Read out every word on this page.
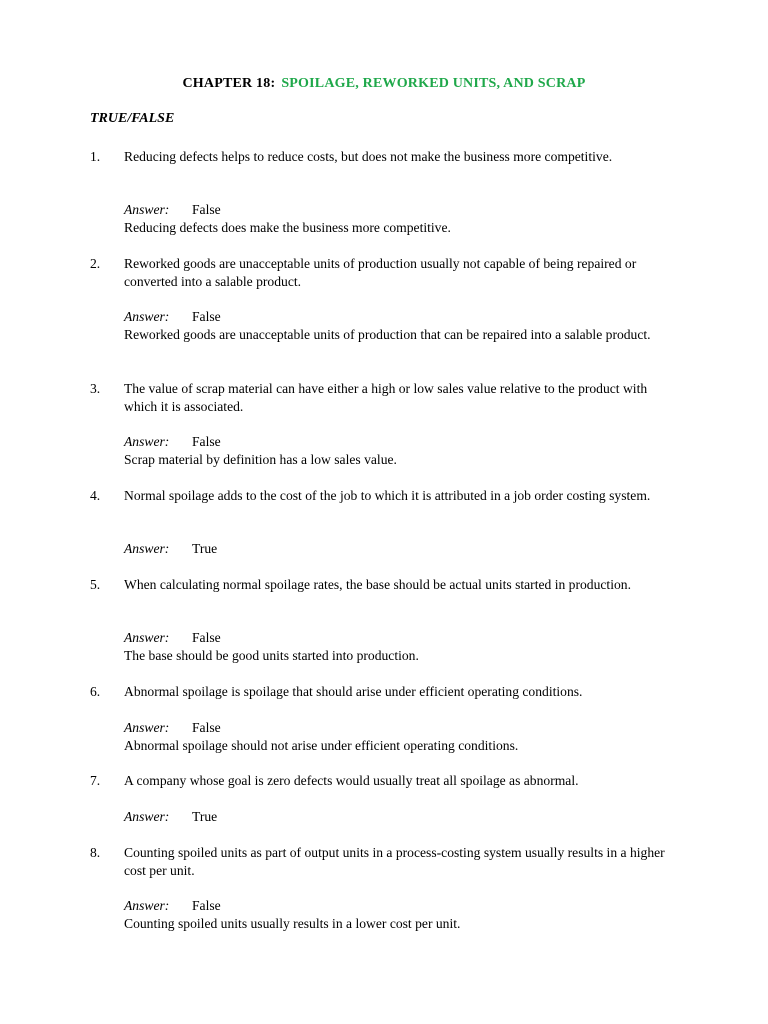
CHAPTER 18: SPOILAGE, REWORKED UNITS, AND SCRAP
TRUE/FALSE
1. Reducing defects helps to reduce costs, but does not make the business more competitive.
Answer: False
Reducing defects does make the business more competitive.
2. Reworked goods are unacceptable units of production usually not capable of being repaired or converted into a salable product.
Answer: False
Reworked goods are unacceptable units of production that can be repaired into a salable product.
3. The value of scrap material can have either a high or low sales value relative to the product with which it is associated.
Answer: False
Scrap material by definition has a low sales value.
4. Normal spoilage adds to the cost of the job to which it is attributed in a job order costing system.
Answer: True
5. When calculating normal spoilage rates, the base should be actual units started in production.
Answer: False
The base should be good units started into production.
6. Abnormal spoilage is spoilage that should arise under efficient operating conditions.
Answer: False
Abnormal spoilage should not arise under efficient operating conditions.
7. A company whose goal is zero defects would usually treat all spoilage as abnormal.
Answer: True
8. Counting spoiled units as part of output units in a process-costing system usually results in a higher cost per unit.
Answer: False
Counting spoiled units usually results in a lower cost per unit.
